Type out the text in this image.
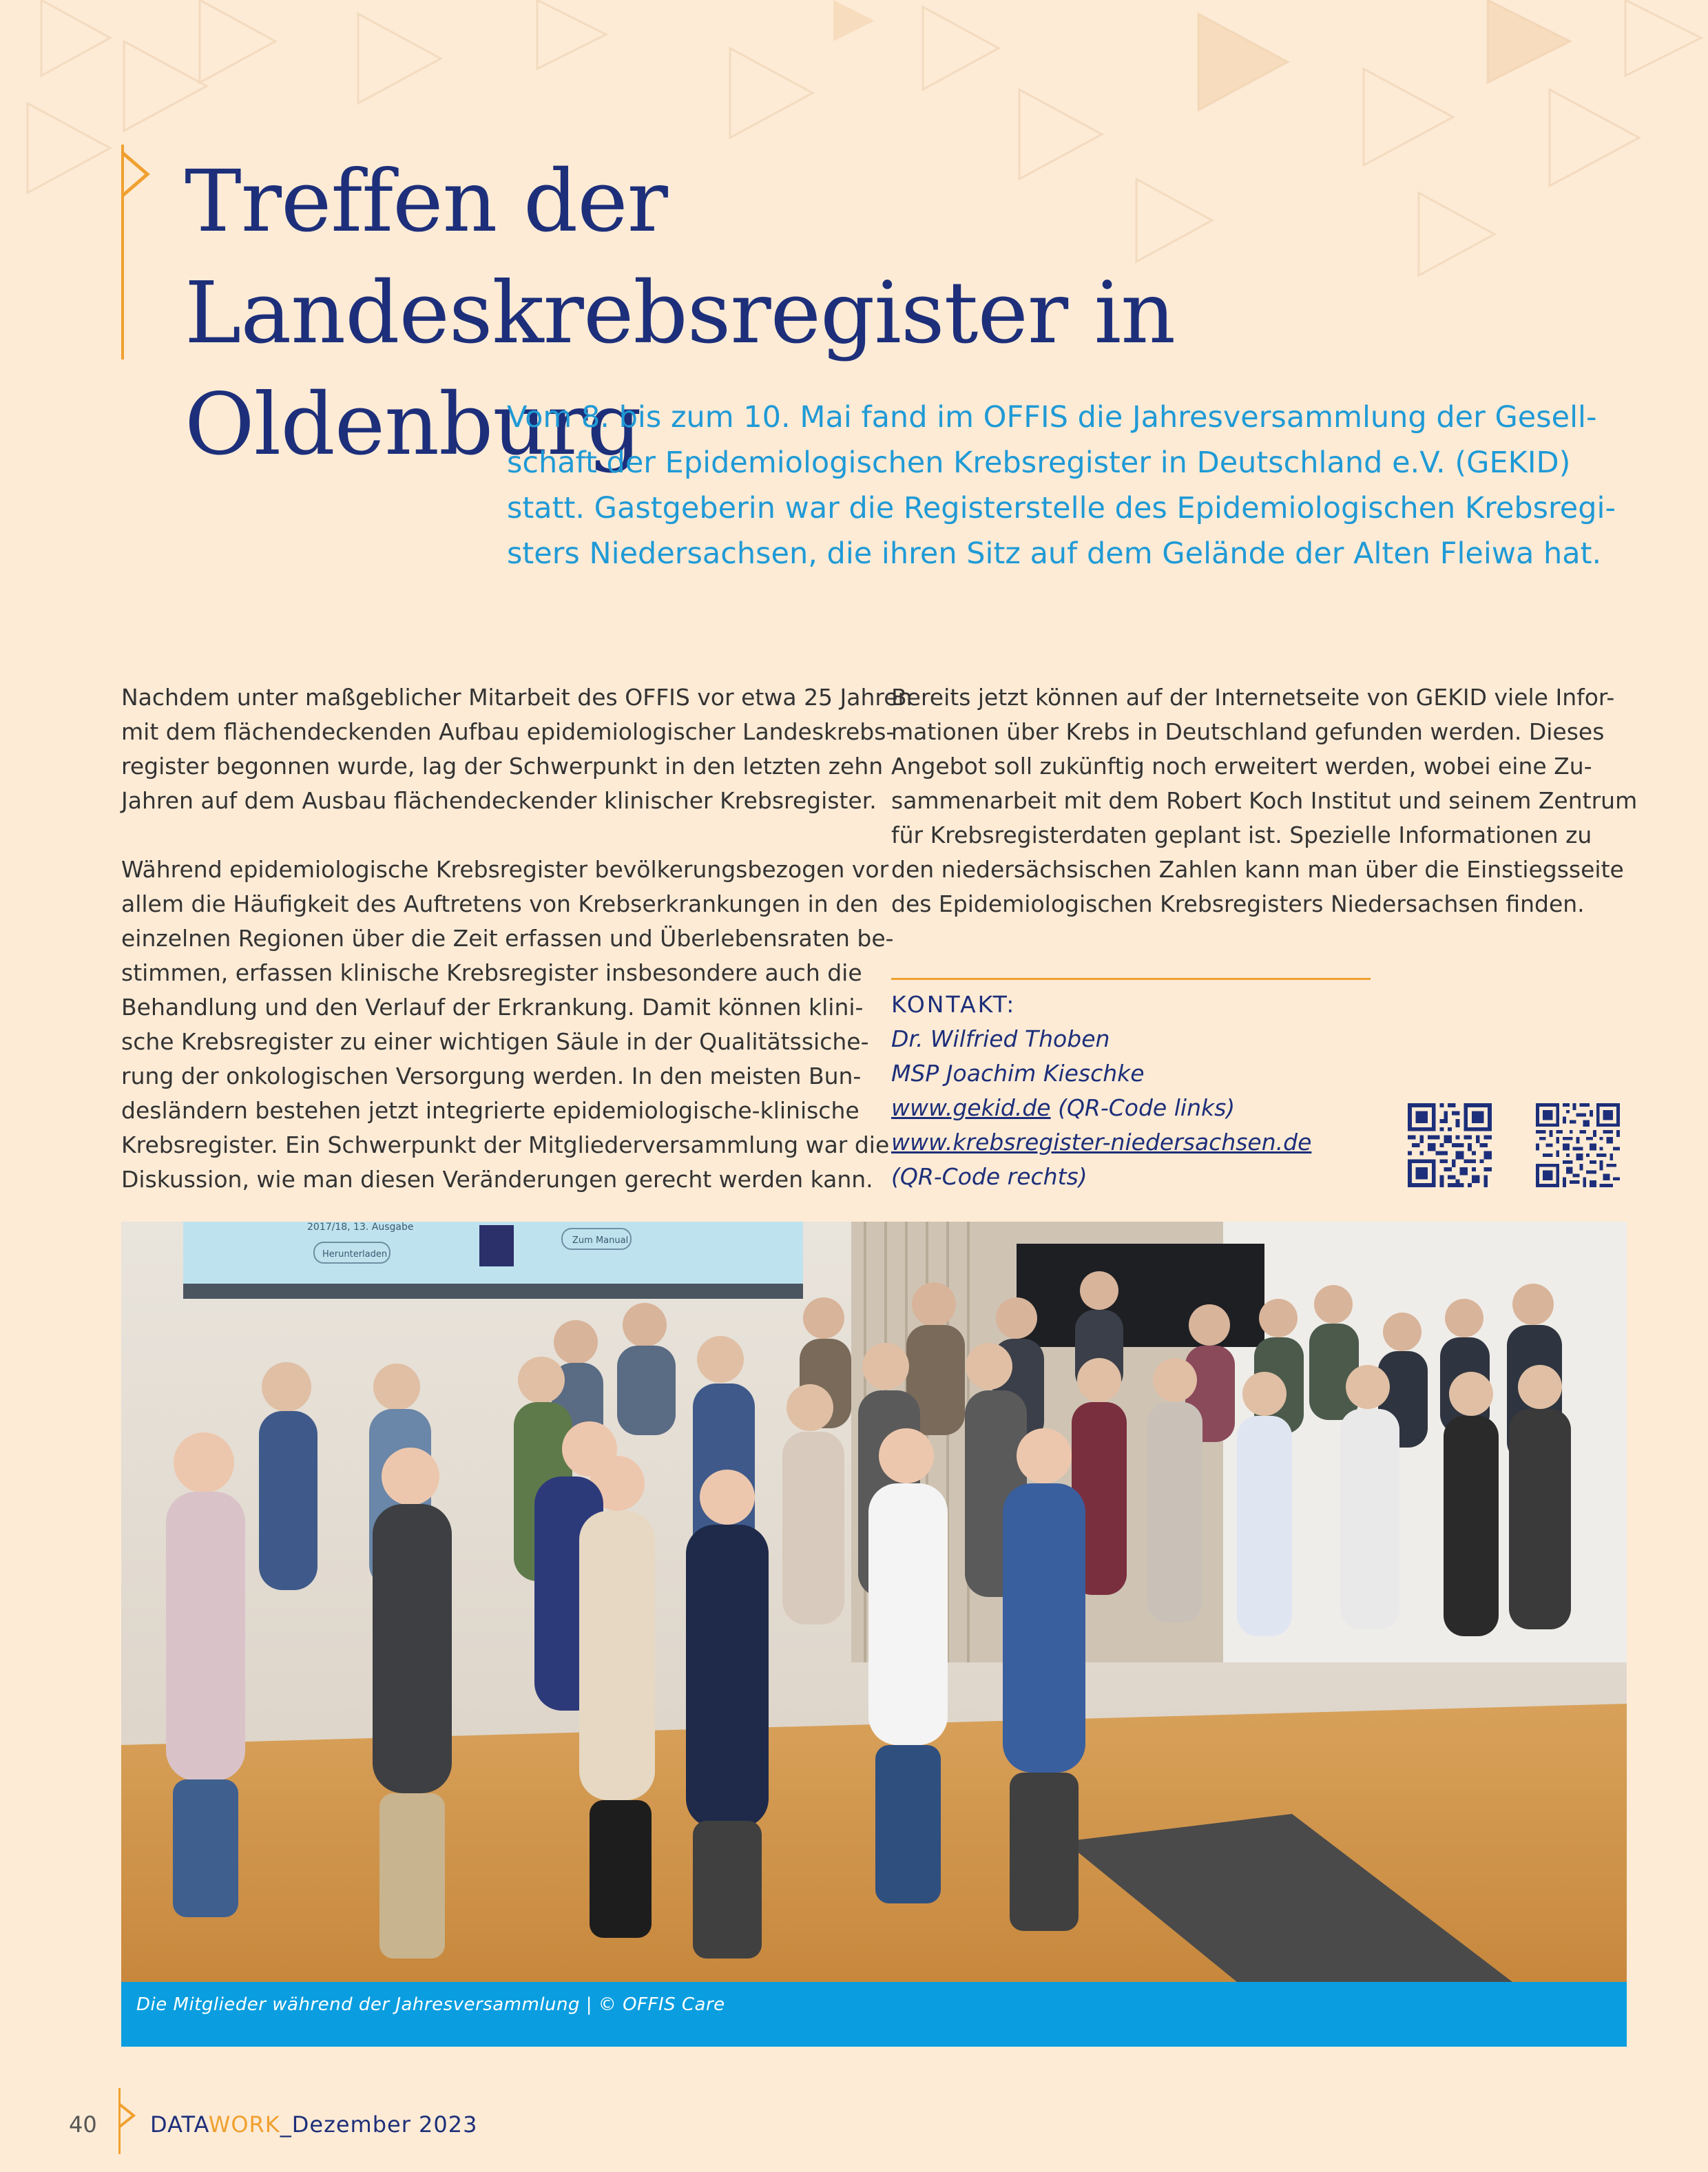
Treffen der Landeskrebsregister in
Oldenburg

Vom 8. bis zum 10. Mai fand im OFFIS die Jahresversammlung der Gesell-
schaft der Epidemiologischen Krebsregister in Deutschland e.V. (GEKID)
statt. Gastgeberin war die Registerstelle des Epidemiologischen Krebsregi-
sters Niedersachsen, die ihren Sitz auf dem Gelände der Alten Fleiwa hat.

Nachdem unter maßgeblicher Mitarbeit des OFFIS vor etwa 25 Jahren
mit dem flächendeckenden Aufbau epidemiologischer Landeskrebs-
register begonnen wurde, lag der Schwerpunkt in den letzten zehn
Jahren auf dem Ausbau flächendeckender klinischer Krebsregister.
Während epidemiologische Krebsregister bevölkerungsbezogen vor
allem die Häufigkeit des Auftretens von Krebserkrankungen in den
einzelnen Regionen über die Zeit erfassen und Überlebensraten be-
stimmen, erfassen klinische Krebsregister insbesondere auch die
Behandlung und den Verlauf der Erkrankung. Damit können klini-
sche Krebsregister zu einer wichtigen Säule in der Qualitätssiche-
rung der onkologischen Versorgung werden. In den meisten Bun-
desländern bestehen jetzt integrierte epidemiologische-klinische
Krebsregister. Ein Schwerpunkt der Mitgliederversammlung war die
Diskussion, wie man diesen Veränderungen gerecht werden kann.
Bereits jetzt können auf der Internetseite von GEKID viele Infor-
mationen über Krebs in Deutschland gefunden werden. Dieses
Angebot soll zukünftig noch erweitert werden, wobei eine Zu-
sammenarbeit mit dem Robert Koch Institut und seinem Zentrum
für Krebsregisterdaten geplant ist. Spezielle Informationen zu
den niedersächsischen Zahlen kann man über die Einstiegsseite
des Epidemiologischen Krebsregisters Niedersachsen finden.
KONTAKT:
Dr. Wilfried Thoben
MSP Joachim Kieschke
www.gekid.de (QR-Code links)
www.krebsregister-niedersachsen.de
(QR-Code rechts)
2017/18, 13. Ausgabe
Herunterladen
Zum Manual
Die Mitglieder während der Jahresversammlung | © OFFIS Care
40 DATAWORK_Dezember 2023
